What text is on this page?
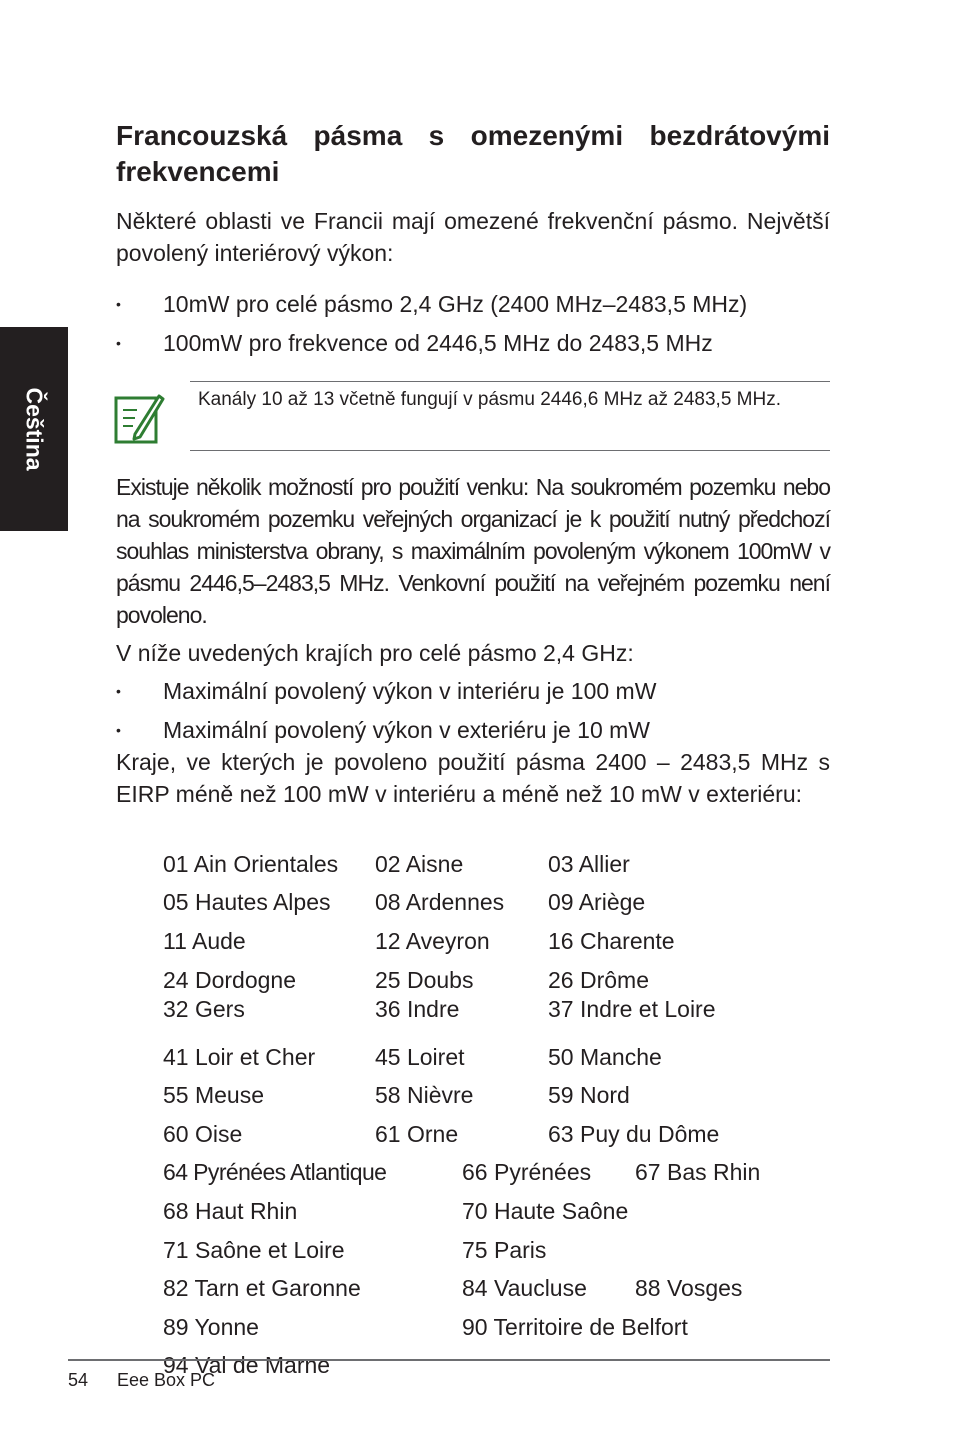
Čeština
Francouzská pásma s omezenými bezdrátovými frekvencemi

Některé oblasti ve Francii mají omezené frekvenční pásmo. Největší povolený interiérový výkon:

• 10mW pro celé pásmo 2,4 GHz (2400 MHz–2483,5 MHz)
• 100mW pro frekvence od 2446,5 MHz do 2483,5 MHz

Kanály 10 až 13 včetně fungují v pásmu 2446,6 MHz až 2483,5 MHz.

Existuje několik možností pro použití venku: Na soukromém pozemku nebo na soukromém pozemku veřejných organizací je k použití nutný předchozí souhlas ministerstva obrany, s maximálním povoleným výkonem 100mW v pásmu 2446,5–2483,5 MHz. Venkovní použití na veřejném pozemku není povoleno.

V níže uvedených krajích pro celé pásmo 2,4 GHz:

• Maximální povolený výkon v interiéru je 100 mW
• Maximální povolený výkon v exteriéru je 10 mW

Kraje, ve kterých je povoleno použití pásma 2400 – 2483,5 MHz s EIRP méně než 100 mW v interiéru a méně než 10 mW v exteriéru:

01 Ain Orientales 02 Aisne	03 Allier
05 Hautes Alpes 08 Ardennes 09 Ariège
11 Aude	12 Aveyron	16 Charente
24 Dordogne	25 Doubs	26 Drôme
32 Gers	36 Indre	37 Indre et Loire
41 Loir et Cher	45 Loiret	50 Manche
55 Meuse	58 Nièvre	59 Nord
60 Oise	61 Orne	63 Puy du Dôme
64 Pyrénées Atlantique	66 Pyrénées 67 Bas Rhin
68 Haut Rhin	70 Haute Saône
71 Saône et Loire	75 Paris
82 Tarn et Garonne	84 Vaucluse 88 Vosges
89 Yonne	90 Territoire de Belfort
94 Val de Marne
54 Eee Box PC
